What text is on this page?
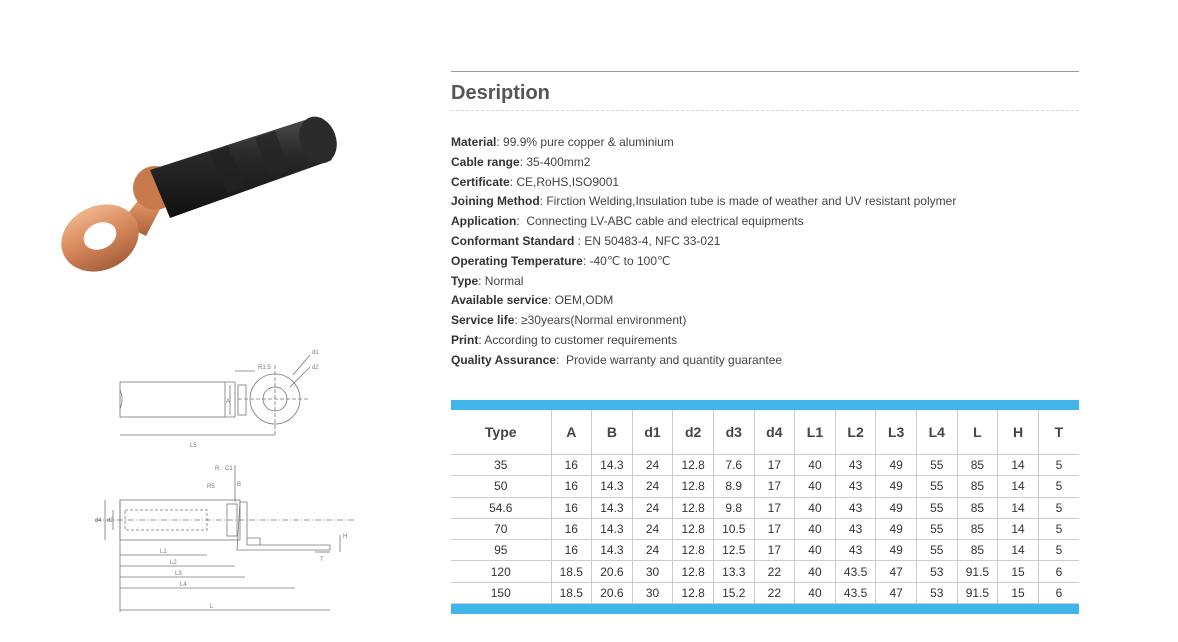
R1.5
d1
d2
A
L5
d4 d3
R C1
R5	B
H
T
L1
L2
L3
L4
L
Desription
Material: 99.9% pure copper & aluminium
Cable range: 35-400mm2
Certificate: CE,RoHS,ISO9001
Joining Method: Firction Welding,Insulation tube is made of weather and UV resistant polymer
Application:  Connecting LV-ABC cable and electrical equipments
Conformant Standard : EN 50483-4, NFC 33-021
Operating Temperature: -40℃ to 100℃
Type: Normal
Available service: OEM,ODM
Service life: ≥30years(Normal environment)
Print: According to customer requirements
Quality Assurance:  Provide warranty and quantity guarantee
Type	A	B	d1	d2	d3	d4	L1	L2	L3	L4	L	H	T
35	16	14.3	24	12.8	7.6	17	40	43	49	55	85	14	5
50	16	14.3	24	12.8	8.9	17	40	43	49	55	85	14	5
54.6	16	14.3	24	12.8	9.8	17	40	43	49	55	85	14	5
70	16	14.3	24	12.8	10.5	17	40	43	49	55	85	14	5
95	16	14.3	24	12.8	12.5	17	40	43	49	55	85	14	5
120	18.5	20.6	30	12.8	13.3	22	40	43.5	47	53	91.5	15	6
150	18.5	20.6	30	12.8	15.2	22	40	43.5	47	53	91.5	15	6
